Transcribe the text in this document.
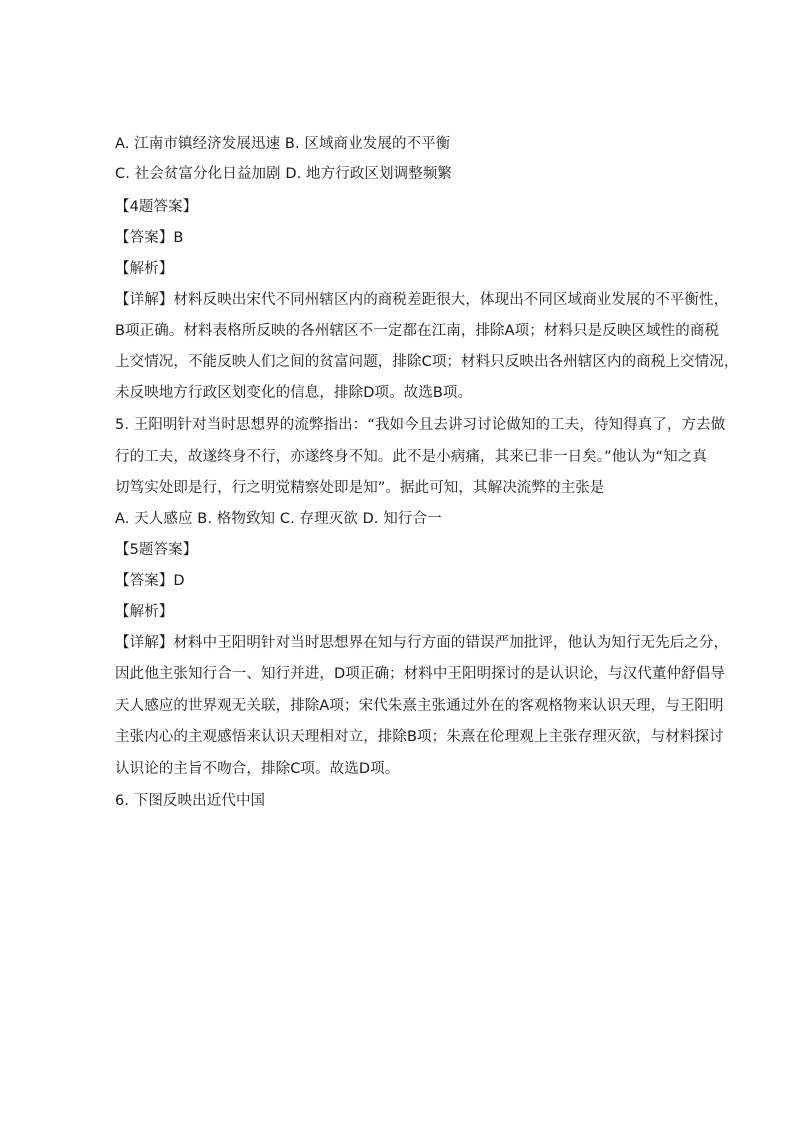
A. 江南市镇经济发展迅速 B. 区域商业发展的不平衡
C. 社会贫富分化日益加剧 D. 地方行政区划调整频繁
【4题答案】
【答案】B
【解析】
【详解】材料反映出宋代不同州辖区内的商税差距很大，体现出不同区域商业发展的不平衡性，
B项正确。材料表格所反映的各州辖区不一定都在江南，排除A项；材料只是反映区域性的商税
上交情况，不能反映人们之间的贫富问题，排除C项；材料只反映出各州辖区内的商税上交情况，
未反映地方行政区划变化的信息，排除D项。故选B项。
5. 王阳明针对当时思想界的流弊指出：“我如今且去讲习讨论做知的工夫，待知得真了，方去做
行的工夫，故遂终身不行，亦遂终身不知。此不是小病痛，其来已非一日矣。”他认为“知之真
切笃实处即是行，行之明觉精察处即是知”。据此可知，其解决流弊的主张是
A. 天人感应 B. 格物致知 C. 存理灭欲 D. 知行合一
【5题答案】
【答案】D
【解析】
【详解】材料中王阳明针对当时思想界在知与行方面的错误严加批评，他认为知行无先后之分，
因此他主张知行合一、知行并进，D项正确；材料中王阳明探讨的是认识论，与汉代董仲舒倡导
天人感应的世界观无关联，排除A项；宋代朱熹主张通过外在的客观格物来认识天理，与王阳明
主张内心的主观感悟来认识天理相对立，排除B项；朱熹在伦理观上主张存理灭欲，与材料探讨
认识论的主旨不吻合，排除C项。故选D项。
6. 下图反映出近代中国
